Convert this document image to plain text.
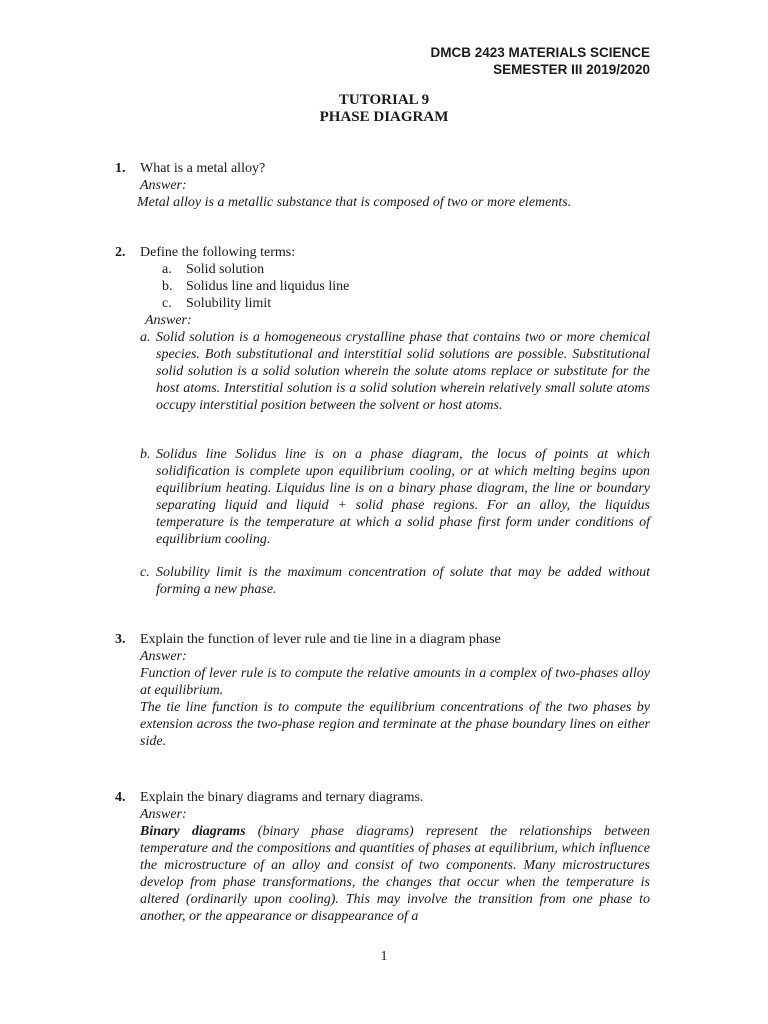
DMCB 2423 MATERIALS SCIENCE
SEMESTER III 2019/2020
TUTORIAL 9
PHASE DIAGRAM
1. What is a metal alloy?
Answer:
Metal alloy is a metallic substance that is composed of two or more elements.
2. Define the following terms:
a. Solid solution
b. Solidus line and liquidus line
c. Solubility limit
Answer:
a. Solid solution is a homogeneous crystalline phase that contains two or more chemical species. Both substitutional and interstitial solid solutions are possible. Substitutional solid solution is a solid solution wherein the solute atoms replace or substitute for the host atoms. Interstitial solution is a solid solution wherein relatively small solute atoms occupy interstitial position between the solvent or host atoms.
b. Solidus line Solidus line is on a phase diagram, the locus of points at which solidification is complete upon equilibrium cooling, or at which melting begins upon equilibrium heating. Liquidus line is on a binary phase diagram, the line or boundary separating liquid and liquid + solid phase regions. For an alloy, the liquidus temperature is the temperature at which a solid phase first form under conditions of equilibrium cooling.
c. Solubility limit is the maximum concentration of solute that may be added without forming a new phase.
3. Explain the function of lever rule and tie line in a diagram phase
Answer:
Function of lever rule is to compute the relative amounts in a complex of two-phases alloy at equilibrium.
The tie line function is to compute the equilibrium concentrations of the two phases by extension across the two-phase region and terminate at the phase boundary lines on either side.
4. Explain the binary diagrams and ternary diagrams.
Answer:
Binary diagrams (binary phase diagrams) represent the relationships between temperature and the compositions and quantities of phases at equilibrium, which influence the microstructure of an alloy and consist of two components. Many microstructures develop from phase transformations, the changes that occur when the temperature is altered (ordinarily upon cooling). This may involve the transition from one phase to another, or the appearance or disappearance of a
1
